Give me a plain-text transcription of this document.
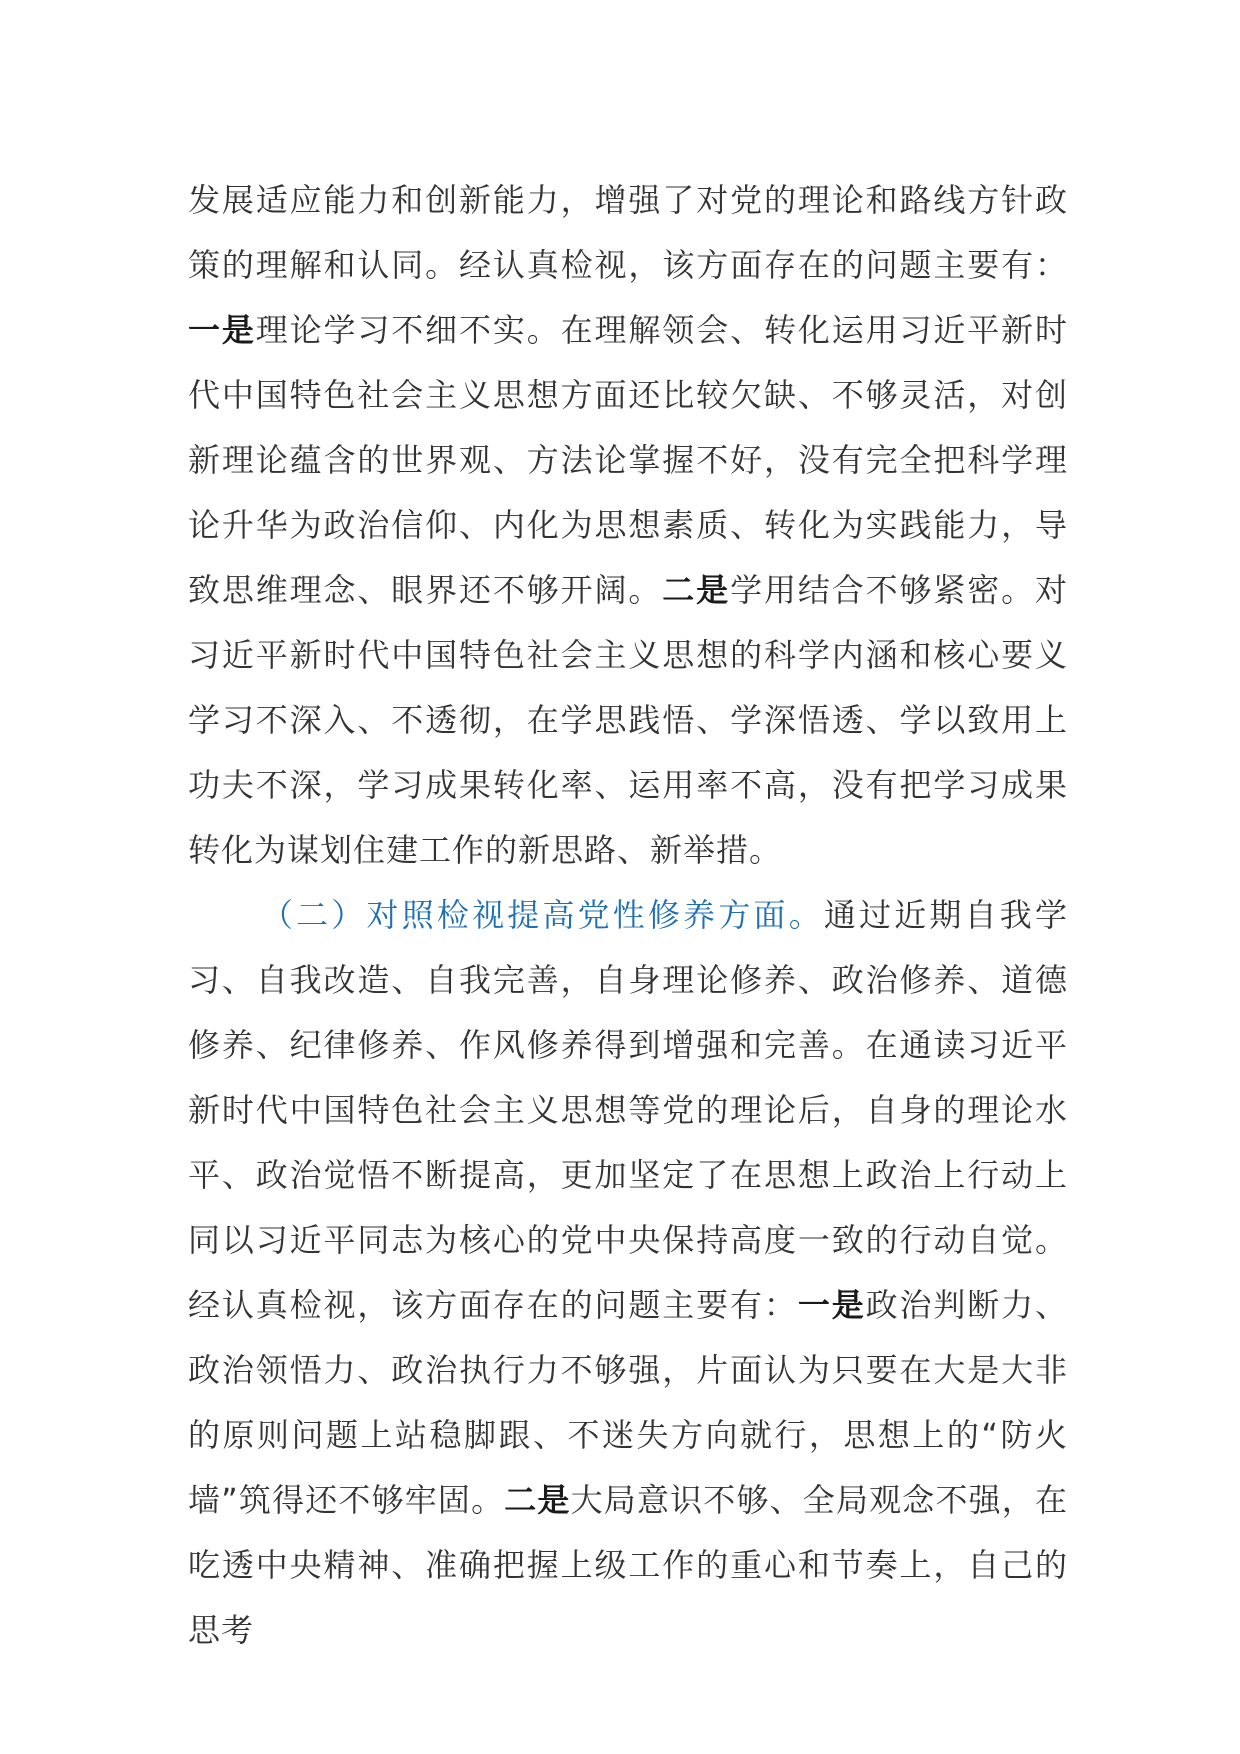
发展适应能力和创新能力，增强了对党的理论和路线方针政策的理解和认同。经认真检视，该方面存在的问题主要有：一是理论学习不细不实。在理解领会、转化运用习近平新时代中国特色社会主义思想方面还比较欠缺、不够灵活，对创新理论蕴含的世界观、方法论掌握不好，没有完全把科学理论升华为政治信仰、内化为思想素质、转化为实践能力，导致思维理念、眼界还不够开阔。二是学用结合不够紧密。对习近平新时代中国特色社会主义思想的科学内涵和核心要义学习不深入、不透彻，在学思践悟、学深悟透、学以致用上功夫不深，学习成果转化率、运用率不高，没有把学习成果转化为谋划住建工作的新思路、新举措。

（二）对照检视提高党性修养方面。通过近期自我学习、自我改造、自我完善，自身理论修养、政治修养、道德修养、纪律修养、作风修养得到增强和完善。在通读习近平新时代中国特色社会主义思想等党的理论后，自身的理论水平、政治觉悟不断提高，更加坚定了在思想上政治上行动上同以习近平同志为核心的党中央保持高度一致的行动自觉。经认真检视，该方面存在的问题主要有：一是政治判断力、政治领悟力、政治执行力不够强，片面认为只要在大是大非的原则问题上站稳脚跟、不迷失方向就行，思想上的“防火墙”筑得还不够牢固。二是大局意识不够、全局观念不强，在吃透中央精神、准确把握上级工作的重心和节奏上，自己的思考
